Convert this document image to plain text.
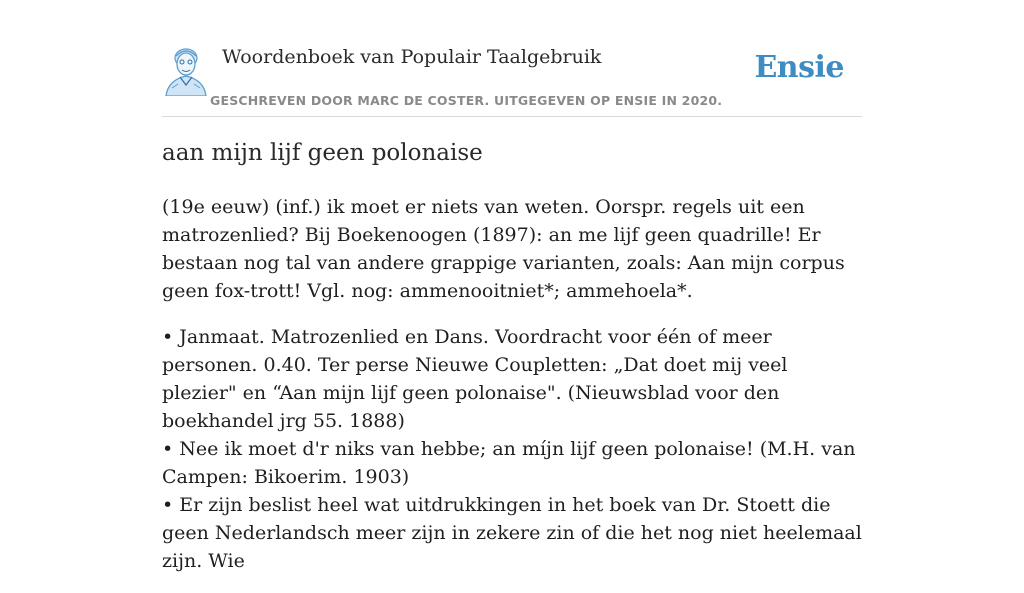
Woordenboek van Populair Taalgebruik
GESCHREVEN DOOR MARC DE COSTER. UITGEGEVEN OP ENSIE IN 2020.
Ensie
aan mijn lijf geen polonaise

(19e eeuw) (inf.) ik moet er niets van weten. Oorspr. regels uit een matrozenlied? Bij Boekenoogen (1897): an me lijf geen quadrille! Er bestaan nog tal van andere grappige varianten, zoals: Aan mijn corpus geen fox-trott! Vgl. nog: ammenooitniet*; ammehoela*.

• Janmaat. Matrozenlied en Dans. Voordracht voor één of meer personen. 0.40. Ter perse Nieuwe Coupletten: „Dat doet mij veel plezier" en “Aan mijn lijf geen polonaise". (Nieuwsblad voor den boekhandel jrg 55. 1888)
• Nee ik moet d'r niks van hebbe; an míjn lijf geen polonaise! (M.H. van Campen: Bikoerim. 1903)
• Er zijn beslist heel wat uitdrukkingen in het boek van Dr. Stoett die geen Nederlandsch meer zijn in zekere zin of die het nog niet heelemaal zijn. Wie
